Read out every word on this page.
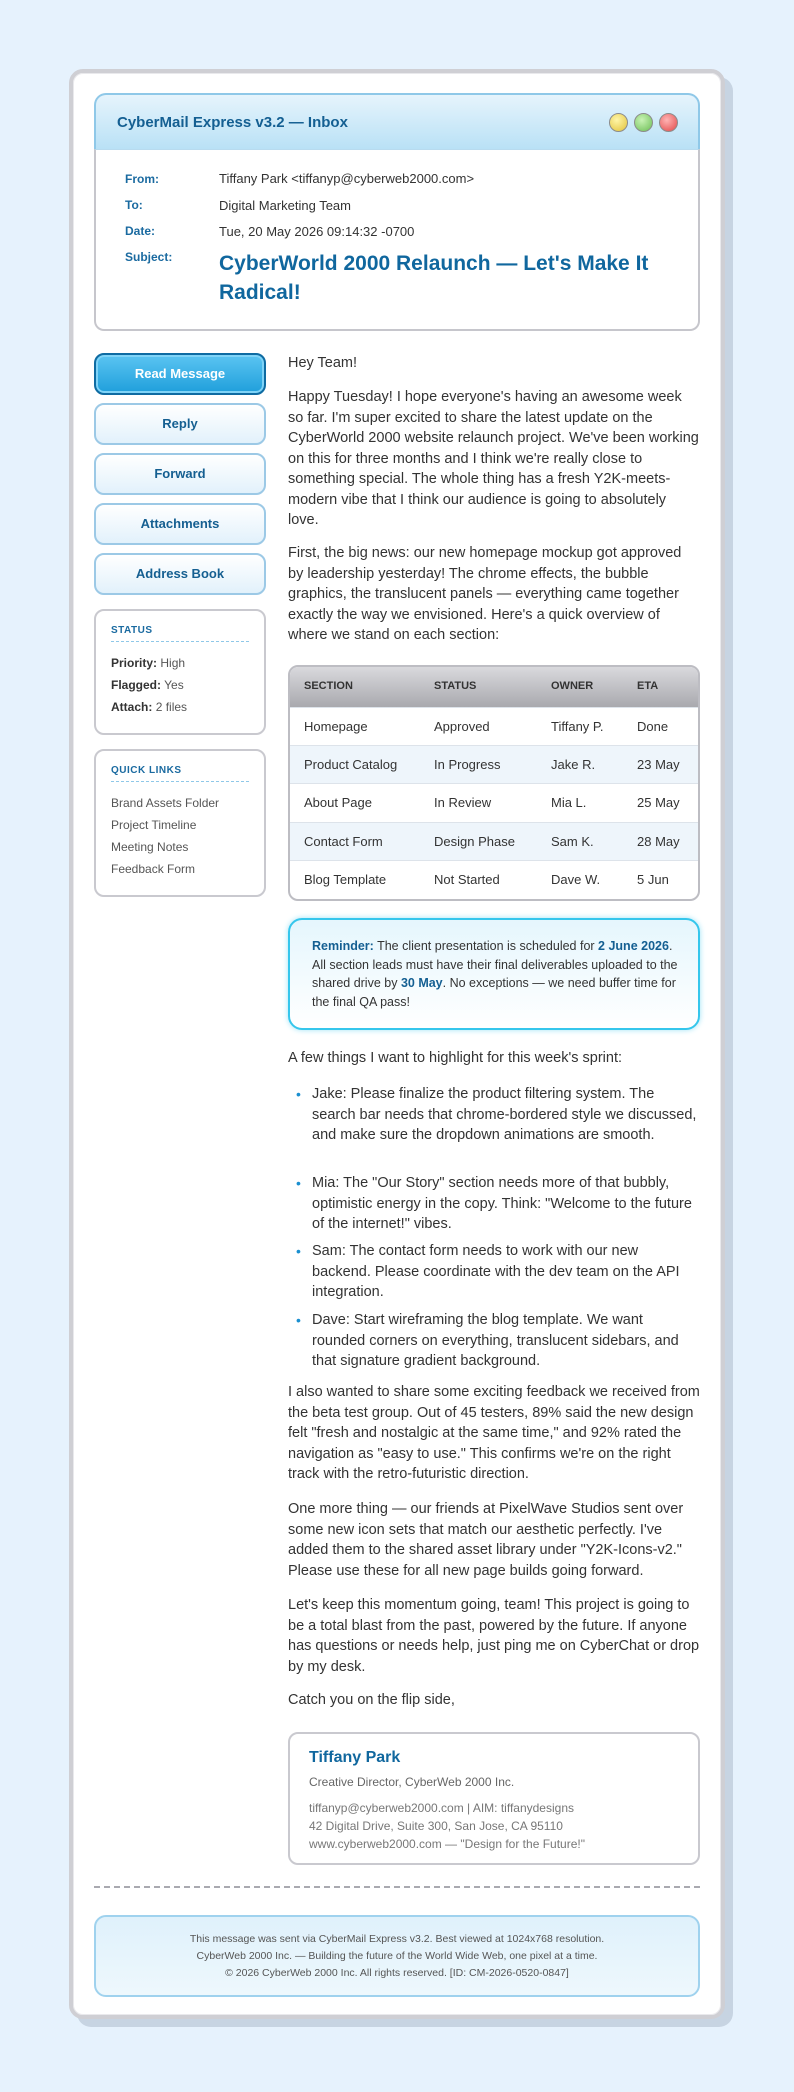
CyberMail Express v3.2 — Inbox
From:	Tiffany Park <tiffanyp@cyberweb2000.com>
To:	Digital Marketing Team
Date:	Tue, 20 May 2026 09:14:32 -0700
Subject: CyberWorld 2000 Relaunch — Let's Make It Radical!
Read Message
Reply
Forward
Attachments
Address Book
STATUS
Priority: High
Flagged: Yes
Attach: 2 files
QUICK LINKS
Brand Assets Folder
Project Timeline
Meeting Notes
Feedback Form
Hey Team!
Happy Tuesday! I hope everyone's having an awesome week so far. I'm super excited to share the latest update on the CyberWorld 2000 website relaunch project. We've been working on this for three months and I think we're really close to something special. The whole thing has a fresh Y2K-meets-modern vibe that I think our audience is going to absolutely love.
First, the big news: our new homepage mockup got approved by leadership yesterday! The chrome effects, the bubble graphics, the translucent panels — everything came together exactly the way we envisioned. Here's a quick overview of where we stand on each section:
SECTION	STATUS	OWNER	ETA
Homepage	Approved	Tiffany P.	Done
Product Catalog	In Progress	Jake R.	23 May
About Page	In Review	Mia L.	25 May
Contact Form	Design Phase	Sam K.	28 May
Blog Template	Not Started	Dave W.	5 Jun
Reminder: The client presentation is scheduled for 2 June 2026. All section leads must have their final deliverables uploaded to the shared drive by 30 May. No exceptions — we need buffer time for the final QA pass!
A few things I want to highlight for this week's sprint:
• Jake: Please finalize the product filtering system. The search bar needs that chrome-bordered style we discussed, and make sure the dropdown animations are smooth.
• Mia: The "Our Story" section needs more of that bubbly, optimistic energy in the copy. Think: "Welcome to the future of the internet!" vibes.
• Sam: The contact form needs to work with our new backend. Please coordinate with the dev team on the API integration.
• Dave: Start wireframing the blog template. We want rounded corners on everything, translucent sidebars, and that signature gradient background.
I also wanted to share some exciting feedback we received from the beta test group. Out of 45 testers, 89% said the new design felt "fresh and nostalgic at the same time," and 92% rated the navigation as "easy to use." This confirms we're on the right track with the retro-futuristic direction.
One more thing — our friends at PixelWave Studios sent over some new icon sets that match our aesthetic perfectly. I've added them to the shared asset library under "Y2K-Icons-v2." Please use these for all new page builds going forward.
Let's keep this momentum going, team! This project is going to be a total blast from the past, powered by the future. If anyone has questions or needs help, just ping me on CyberChat or drop by my desk.
Catch you on the flip side,
Tiffany Park
Creative Director, CyberWeb 2000 Inc.
tiffanyp@cyberweb2000.com | AIM: tiffanydesigns
42 Digital Drive, Suite 300, San Jose, CA 95110
www.cyberweb2000.com — "Design for the Future!"
This message was sent via CyberMail Express v3.2. Best viewed at 1024x768 resolution.
CyberWeb 2000 Inc. — Building the future of the World Wide Web, one pixel at a time.
© 2026 CyberWeb 2000 Inc. All rights reserved. [ID: CM-2026-0520-0847]
